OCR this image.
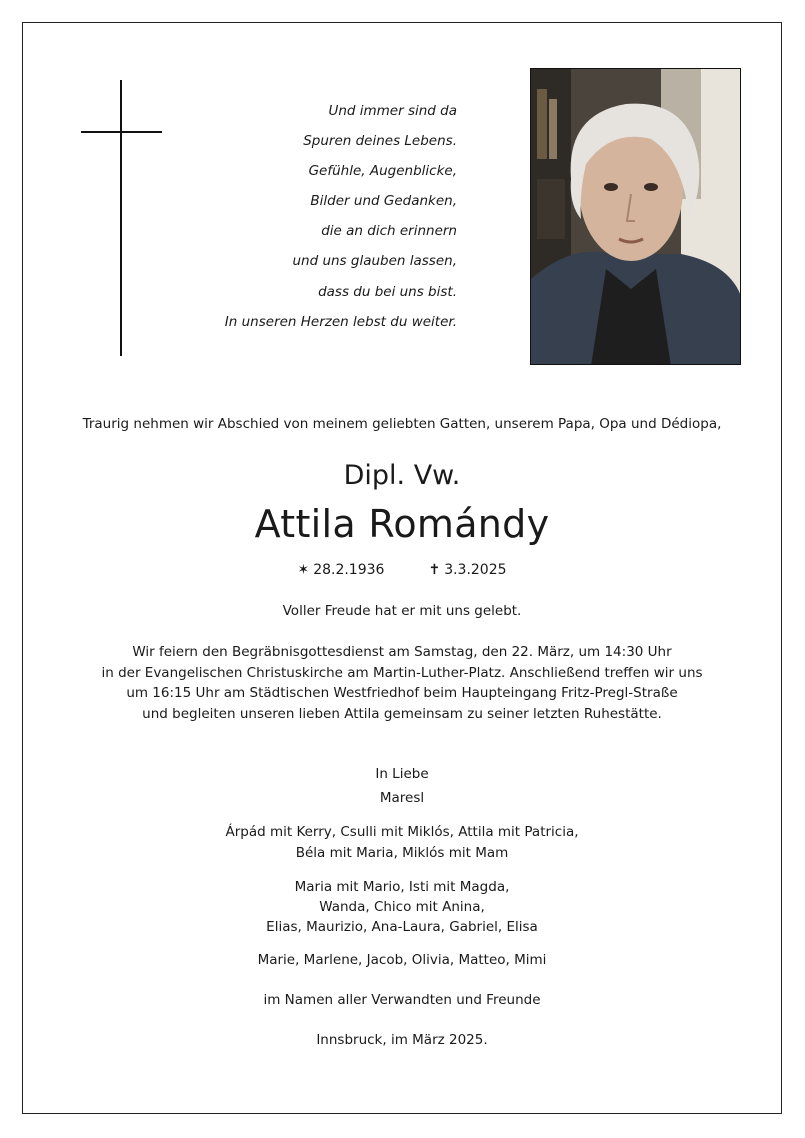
Und immer sind da
Spuren deines Lebens.
Gefühle, Augenblicke,
Bilder und Gedanken,
die an dich erinnern
und uns glauben lassen,
dass du bei uns bist.
In unseren Herzen lebst du weiter.
Traurig nehmen wir Abschied von meinem geliebten Gatten, unserem Papa, Opa und Dédiopa,
Dipl. Vw.
Attila Romándy
✶ 28.2.1936	✝ 3.3.2025
Voller Freude hat er mit uns gelebt.
Wir feiern den Begräbnisgottesdienst am Samstag, den 22. März, um 14:30 Uhr
in der Evangelischen Christuskirche am Martin-Luther-Platz. Anschließend treffen wir uns
um 16:15 Uhr am Städtischen Westfriedhof beim Haupteingang Fritz-Pregl-Straße
und begleiten unseren lieben Attila gemeinsam zu seiner letzten Ruhestätte.
In Liebe
Maresl
Árpád mit Kerry, Csulli mit Miklós, Attila mit Patricia,
Béla mit Maria, Miklós mit Mam
Maria mit Mario, Isti mit Magda,
Wanda, Chico mit Anina,
Elias, Maurizio, Ana-Laura, Gabriel, Elisa
Marie, Marlene, Jacob, Olivia, Matteo, Mimi
im Namen aller Verwandten und Freunde
Innsbruck, im März 2025.
